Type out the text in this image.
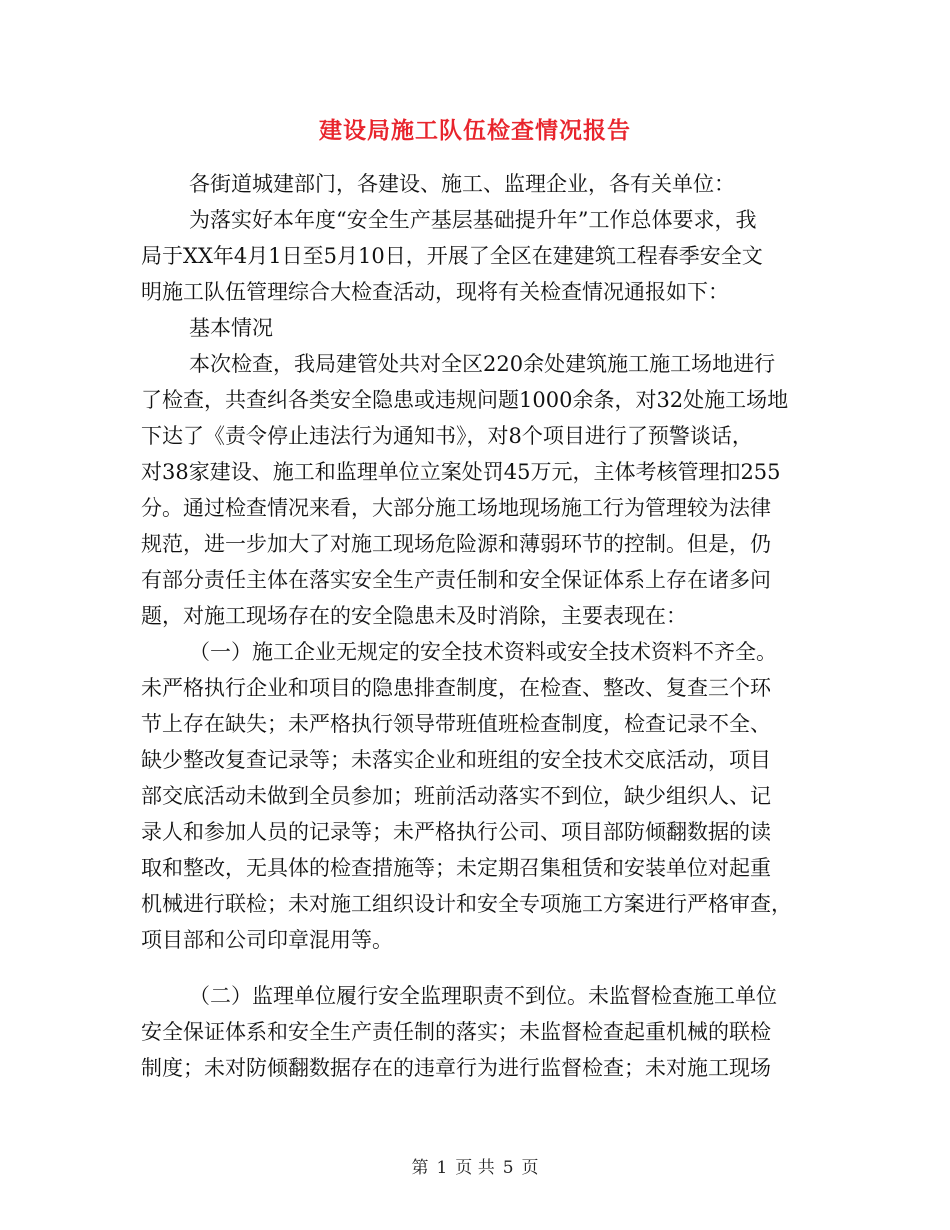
建设局施工队伍检查情况报告

各街道城建部门，各建设、施工、监理企业，各有关单位：

为落实好本年度“安全生产基层基础提升年”工作总体要求，我

局于XX年4月1日至5月10日，开展了全区在建建筑工程春季安全文

明施工队伍管理综合大检查活动，现将有关检查情况通报如下：

基本情况

本次检查，我局建管处共对全区220余处建筑施工施工场地进行

了检查，共查纠各类安全隐患或违规问题1000余条，对32处施工场地

下达了《责令停止违法行为通知书》，对8个项目进行了预警谈话，

对38家建设、施工和监理单位立案处罚45万元，主体考核管理扣255

分。通过检查情况来看，大部分施工场地现场施工行为管理较为法律

规范，进一步加大了对施工现场危险源和薄弱环节的控制。但是，仍

有部分责任主体在落实安全生产责任制和安全保证体系上存在诸多问

题，对施工现场存在的安全隐患未及时消除，主要表现在：

（一）施工企业无规定的安全技术资料或安全技术资料不齐全。

未严格执行企业和项目的隐患排查制度，在检查、整改、复查三个环

节上存在缺失；未严格执行领导带班值班检查制度，检查记录不全、

缺少整改复查记录等；未落实企业和班组的安全技术交底活动，项目

部交底活动未做到全员参加；班前活动落实不到位，缺少组织人、记

录人和参加人员的记录等；未严格执行公司、项目部防倾翻数据的读

取和整改，无具体的检查措施等；未定期召集租赁和安装单位对起重

机械进行联检；未对施工组织设计和安全专项施工方案进行严格审查，

项目部和公司印章混用等。

（二）监理单位履行安全监理职责不到位。未监督检查施工单位

安全保证体系和安全生产责任制的落实；未监督检查起重机械的联检

制度；未对防倾翻数据存在的违章行为进行监督检查；未对施工现场

第 1 页 共 5 页
